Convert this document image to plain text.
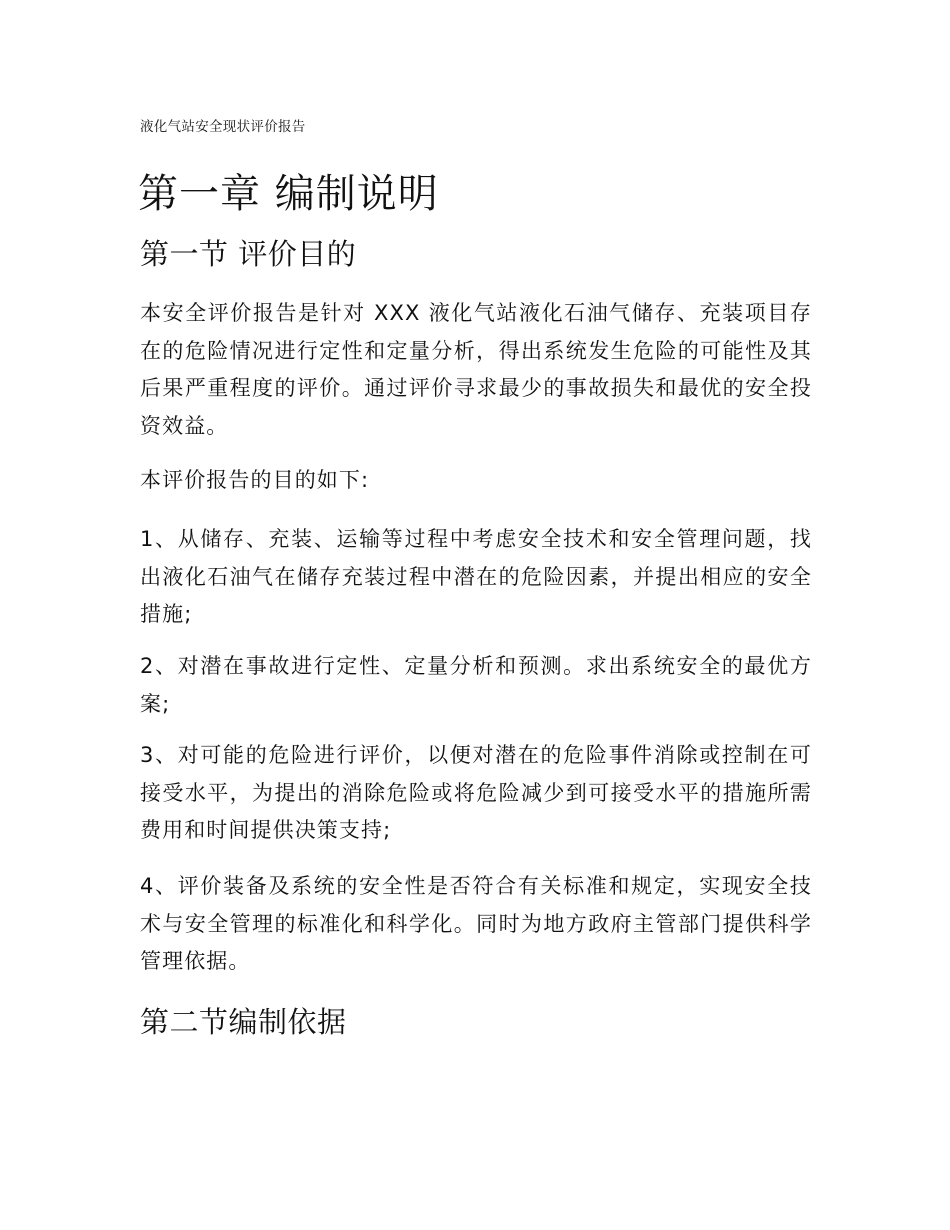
液化气站安全现状评价报告
第一章 编制说明
第一节 评价目的

本安全评价报告是针对 XXX 液化气站液化石油气储存、充装项目存在的危险情况进行定性和定量分析，得出系统发生危险的可能性及其后果严重程度的评价。通过评价寻求最少的事故损失和最优的安全投资效益。

本评价报告的目的如下:

1、从储存、充装、运输等过程中考虑安全技术和安全管理问题，找出液化石油气在储存充装过程中潜在的危险因素，并提出相应的安全措施;

2、对潜在事故进行定性、定量分析和预测。求出系统安全的最优方案;

3、对可能的危险进行评价，以便对潜在的危险事件消除或控制在可接受水平，为提出的消除危险或将危险减少到可接受水平的措施所需费用和时间提供决策支持;

4、评价装备及系统的安全性是否符合有关标准和规定，实现安全技术与安全管理的标准化和科学化。同时为地方政府主管部门提供科学管理依据。

第二节编制依据
